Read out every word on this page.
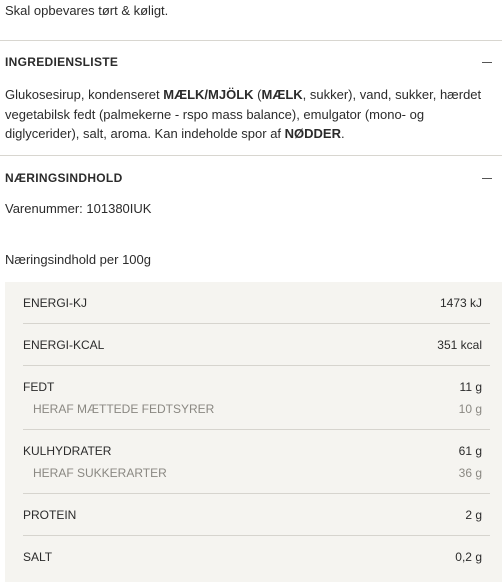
Skal opbevares tørt & køligt.
INGREDIENSLISTE
Glukosesirup, kondenseret MÆLK/MJÖLK (MÆLK, sukker), vand, sukker, hærdet vegetabilsk fedt (palmekerne - rspo mass balance), emulgator (mono- og diglycerider), salt, aroma. Kan indeholde spor af NØDDER.
NÆRINGSINDHOLD
Varenummer: 101380IUK
Næringsindhold per 100g
ENERGI-KJ	1473 kJ
ENERGI-KCAL	351 kcal
FEDT	11 g
HERAF MÆTTEDE FEDTSYRER	10 g
KULHYDRATER	61 g
HERAF SUKKERARTER	36 g
PROTEIN	2 g
SALT	0,2 g
